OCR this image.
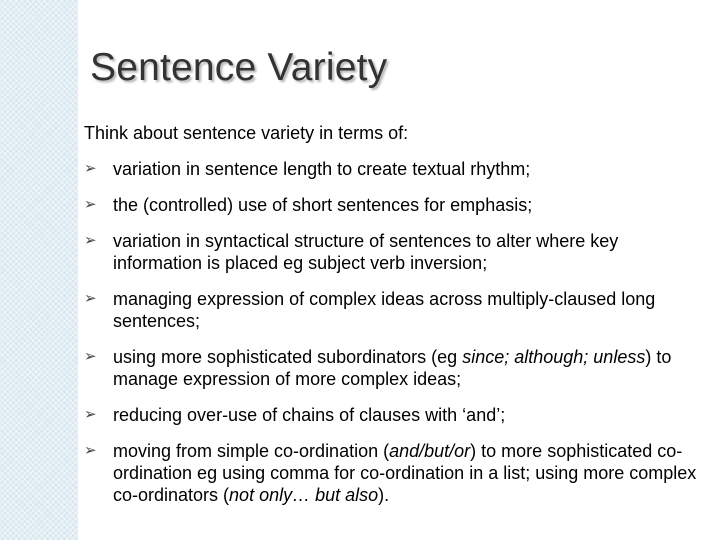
Sentence Variety

Think about sentence variety in terms of:

➢ variation in sentence length to create textual rhythm;
➢ the (controlled) use of short sentences for emphasis;
➢ variation in syntactical structure of sentences to alter where key information is placed eg subject verb inversion;
➢ managing expression of complex ideas across multiply-claused long sentences;
➢ using more sophisticated subordinators (eg since; although; unless) to manage expression of more complex ideas;
➢ reducing over-use of chains of clauses with ‘and’;
➢ moving from simple co-ordination (and/but/or) to more sophisticated co-ordination eg using comma for co-ordination in a list; using more complex co-ordinators (not only… but also).
